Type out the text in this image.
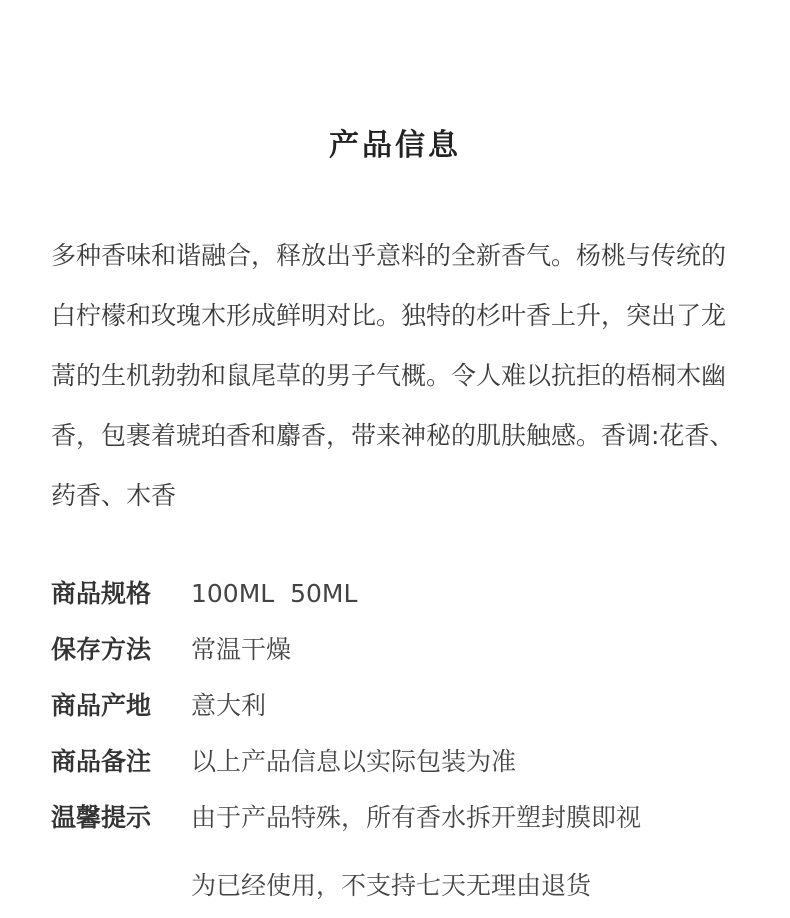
产品信息

多种香味和谐融合，释放出乎意料的全新香气。杨桃与传统的白柠檬和玫瑰木形成鲜明对比。独特的杉叶香上升，突出了龙蒿的生机勃勃和鼠尾草的男子气概。令人难以抗拒的梧桐木幽香，包裹着琥珀香和麝香，带来神秘的肌肤触感。香调:花香、药香、木香

商品规格	100ML  50ML
保存方法	常温干燥
商品产地	意大利
商品备注	以上产品信息以实际包装为准
温馨提示	由于产品特殊，所有香水拆开塑封膜即视
为已经使用，不支持七天无理由退货
